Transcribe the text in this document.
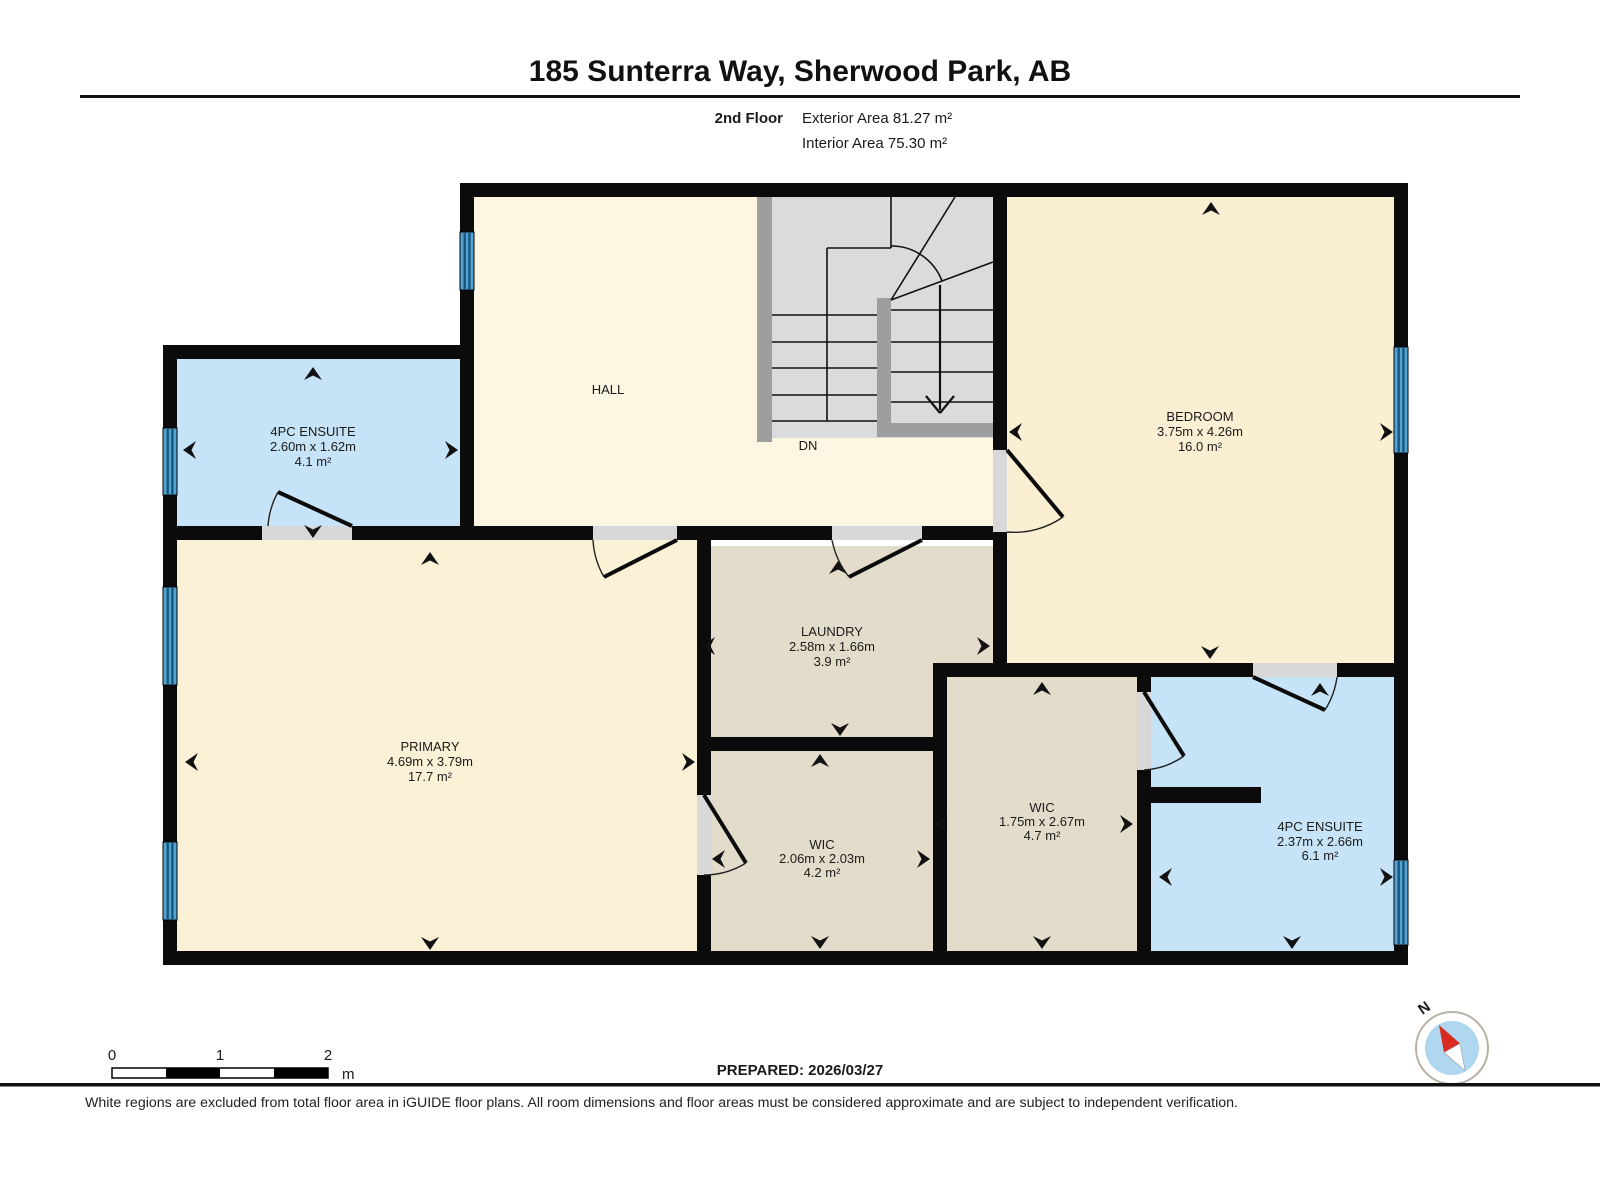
185 Sunterra Way, Sherwood Park, AB
2nd Floor Exterior Area 81.27 m²
Interior Area 75.30 m²
4PC ENSUITE
2.60m x 1.62m
4.1 m²
HALL
DN
BEDROOM
3.75m x 4.26m
16.0 m²
PRIMARY
4.69m x 3.79m
17.7 m²
LAUNDRY
2.58m x 1.66m
3.9 m²
WIC
2.06m x 2.03m
4.2 m²
WIC
1.75m x 2.67m
4.7 m²
4PC ENSUITE
2.37m x 2.66m
6.1 m²
0	1	2
m	PREPARED: 2026/03/27
N
White regions are excluded from total floor area in iGUIDE floor plans. All room dimensions and floor areas must be considered approximate and are subject to independent verification.
